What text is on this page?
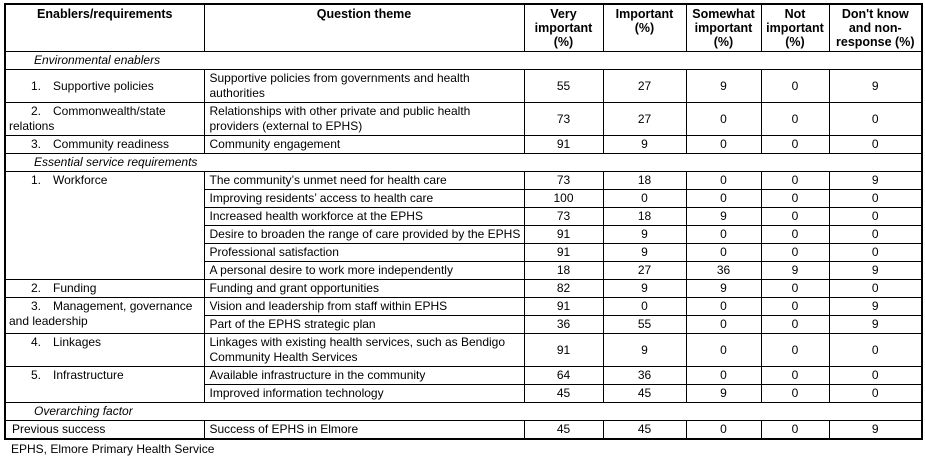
Enablers/requirements	Question theme	Very important (%)	Important (%)	Somewhat important (%)	Not important (%)	Don't know and non-response (%)
Environmental enablers						
1. Supportive policies	Supportive policies from governments and health authorities	55	27	9	0	9
2. Commonwealth/state relations	Relationships with other private and public health providers (external to EPHS)	73	27	0	0	0
3. Community readiness	Community engagement	91	9	0	0	0
Essential service requirements						
1. Workforce	The community’s unmet need for health care	73	18	0	0	9
	Improving residents’ access to health care	100	0	0	0	0
	Increased health workforce at the EPHS	73	18	9	0	0
	Desire to broaden the range of care provided by the EPHS	91	9	0	0	0
	Professional satisfaction	91	9	0	0	0
	A personal desire to work more independently	18	27	36	9	9
2. Funding	Funding and grant opportunities	82	9	9	0	0
3. Management, governance and leadership	Vision and leadership from staff within EPHS	91	0	0	0	9
	Part of the EPHS strategic plan	36	55	0	0	9
4. Linkages	Linkages with existing health services, such as Bendigo Community Health Services	91	9	0	0	0
5. Infrastructure	Available infrastructure in the community	64	36	0	0	0
	Improved information technology	45	45	9	0	0
Overarching factor						
Previous success	Success of EPHS in Elmore	45	45	0	0	9
EPHS, Elmore Primary Health Service
